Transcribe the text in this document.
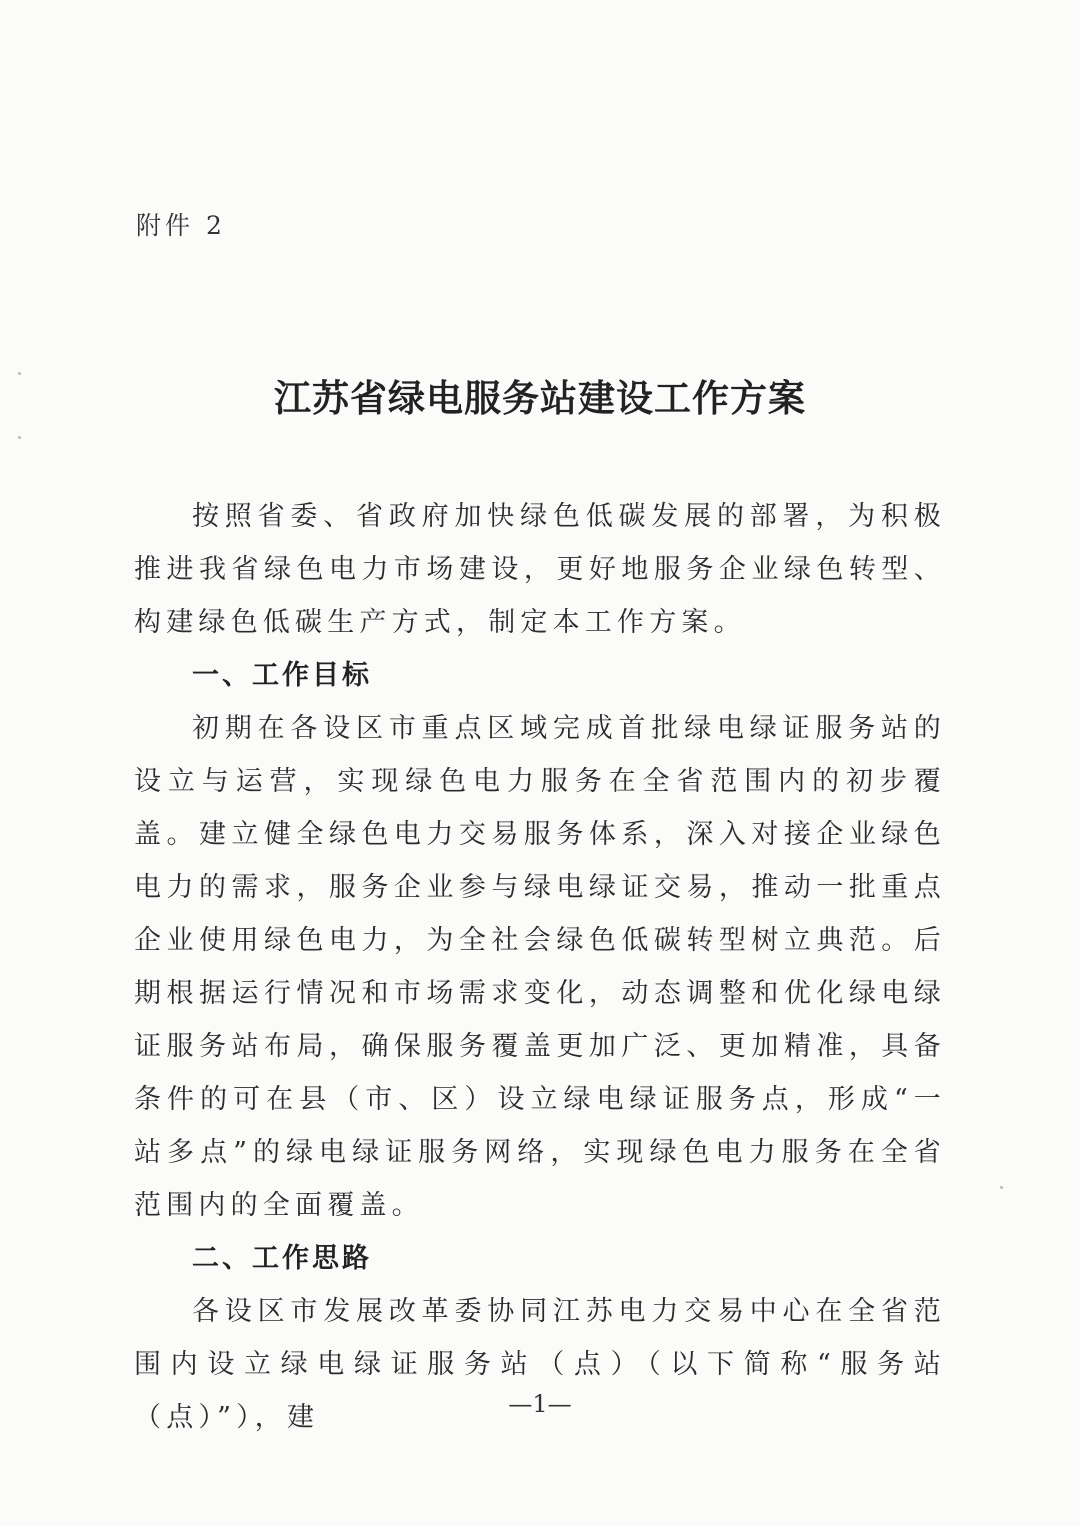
附件 2
江苏省绿电服务站建设工作方案

按照省委、省政府加快绿色低碳发展的部署，为积极推进我省绿色电力市场建设，更好地服务企业绿色转型、构建绿色低碳生产方式，制定本工作方案。

一、工作目标

初期在各设区市重点区域完成首批绿电绿证服务站的设立与运营，实现绿色电力服务在全省范围内的初步覆盖。建立健全绿色电力交易服务体系，深入对接企业绿色电力的需求，服务企业参与绿电绿证交易，推动一批重点企业使用绿色电力，为全社会绿色低碳转型树立典范。后期根据运行情况和市场需求变化，动态调整和优化绿电绿证服务站布局，确保服务覆盖更加广泛、更加精准，具备条件的可在县（市、区）设立绿电绿证服务点，形成“一站多点”的绿电绿证服务网络，实现绿色电力服务在全省范围内的全面覆盖。

二、工作思路

各设区市发展改革委协同江苏电力交易中心在全省范围内设立绿电绿证服务站（点）（以下简称“服务站（点）”），建	—1—
